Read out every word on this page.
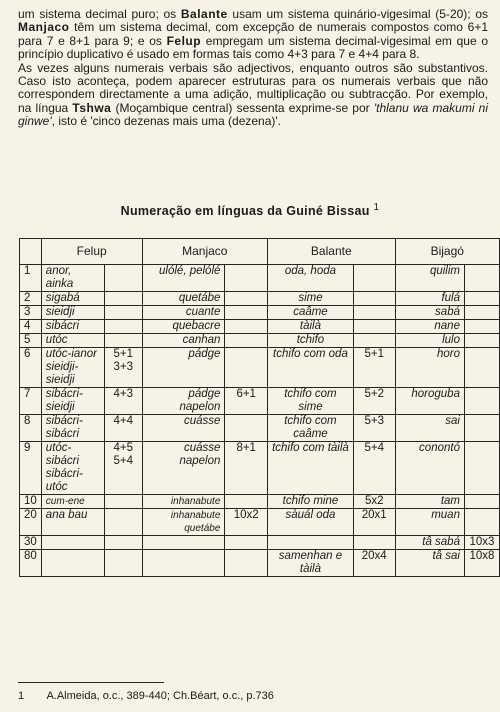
um sistema decimal puro; os Balante usam um sistema quinário-vigesimal (5-20); os Manjaco têm um sistema decimal, com excepção de numerais compostos como 6+1 para 7 e 8+1 para 9; e os Felup empregam um sistema decimal-vigesimal em que o princípio duplicativo é usado em formas tais como 4+3 para 7 e 4+4 para 8.

As vezes alguns numerais verbais são adjectivos, enquanto outros são substantivos. Caso isto aconteça, podem aparecer estruturas para os numerais verbais que não correspondem directamente a uma adição, multiplicação ou subtracção. Por exemplo, na língua Tshwa (Moçambique central) sessenta exprime-se por 'thlanu wa makumi ni ginwe', isto é 'cinco dezenas mais uma (dezena)'.

Numeração em línguas da Guiné Bissau $^1$
	Felup		Manjaco		Balante		Bijagó	
1	anor, ainka		ulólé, pelólé		oda, hoda		quilim	
2	sigabá		quetábe		sime		fulá	
3	sieidji		cuante		caâme		sabá	
4	sibácri		quebacre		tàilà		nane	
5	utóc		canhan		tchifo		lulo	
6	utóc-ianor sieidji-sieidji	5+1 3+3	pádge		tchifo com oda	5+1	horo	
7	sibácri-sieidji	4+3	pádge napelon	6+1	tchifo com sime	5+2	horoguba	
8	sibácri-sibácri	4+4	cuásse		tchifo com caâme	5+3	sai	
9	utóc-sibácri sibácri-utóc	4+5 5+4	cuásse napelon	8+1	tchifo com tàilà	5+4	conontó	
10	cum-ene		inhanabute		tchifo mine	5x2	tam	
20	ana bau		inhanabute quetábe	10x2	sàuál oda	20x1	muan	
30							tâ sabá	10x3
80					samenhan e tàilà	20x4	tâ sai	10x8
1 A.Almeida, o.c., 389-440; Ch.Béart, o.c., p.736
